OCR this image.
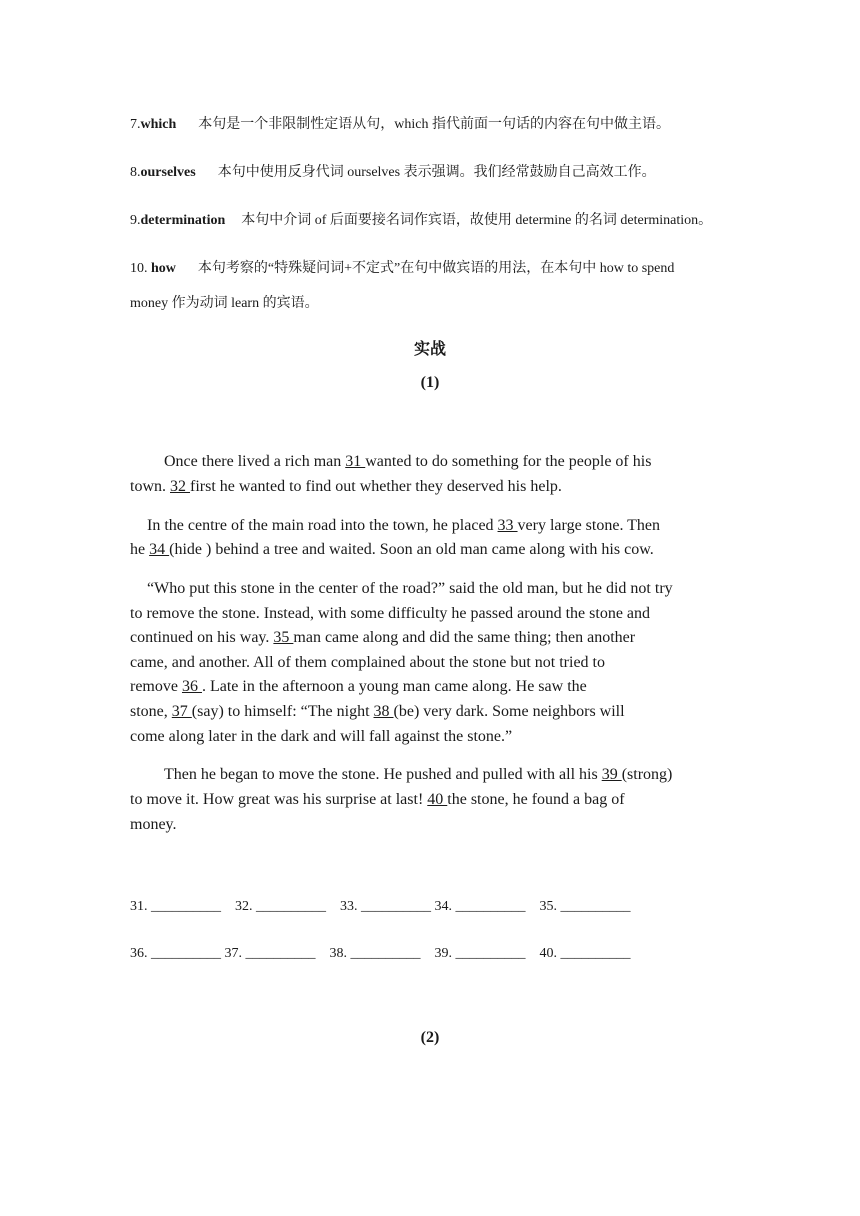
7.which 本句是一个非限制性定语从句，which 指代前面一句话的内容在句中做主语。
8.ourselves 本句中使用反身代词 ourselves 表示强调。我们经常鼓励自己高效工作。
9.determination 本句中介词 of 后面要接名词作宾语，故使用 determine 的名词 determination。
10. how 本句考察的“特殊疑问词+不定式”在句中做宾语的用法，在本句中 how to spend
money 作为动词 learn 的宾语。
实战
(1)
Once there lived a rich man 31 wanted to do something for the people of his
town. 32 first he wanted to find out whether they deserved his help.
In the centre of the main road into the town, he placed 33 very large stone. Then
he 34 (hide ) behind a tree and waited. Soon an old man came along with his cow.
“Who put this stone in the center of the road?” said the old man, but he did not try
to remove the stone. Instead, with some difficulty he passed around the stone and
continued on his way. 35 man came along and did the same thing; then another
came, and another. All of them complained about the stone but not tried to
remove 36 . Late in the afternoon a young man came along. He saw the
stone, 37 (say) to himself: “The night 38 (be) very dark. Some neighbors will
come along later in the dark and will fall against the stone.”
Then he began to move the stone. He pushed and pulled with all his 39 (strong)
to move it. How great was his surprise at last! 40 the stone, he found a bag of
money.
31. __________    32. __________    33. __________ 34. __________    35. __________
36. __________ 37. __________    38. __________    39. __________    40. __________
(2)
